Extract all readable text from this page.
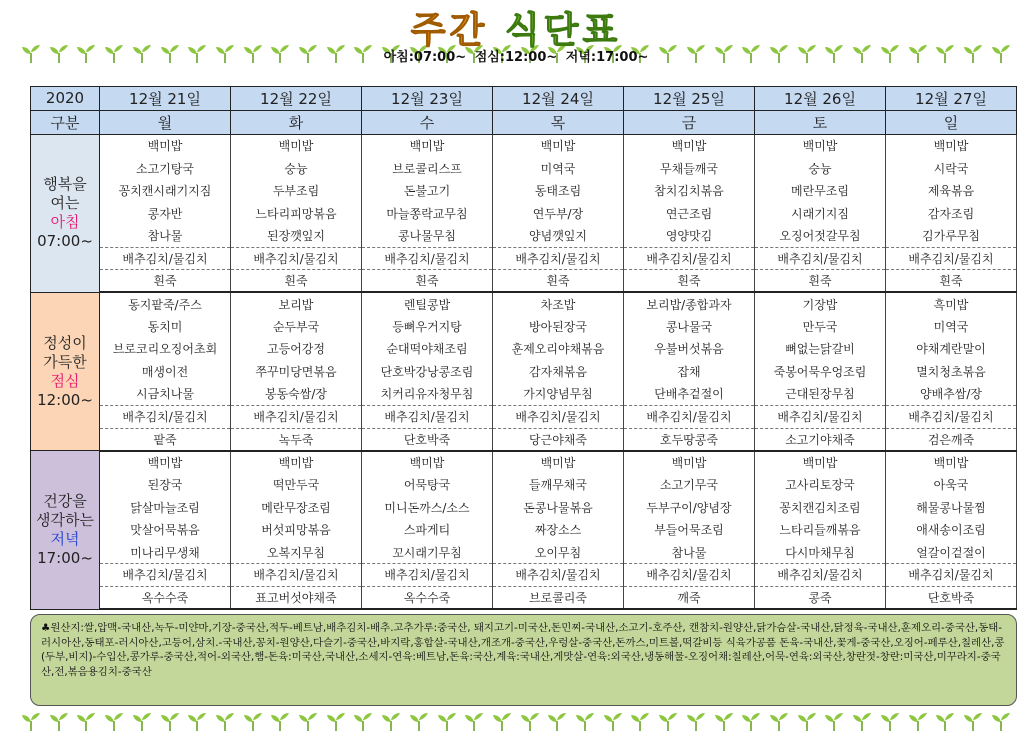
주간 식단표
아침:07:00~ 점심:12:00~ 저녁:17:00~
2020	12월 21일	12월 22일	12월 23일	12월 24일	12월 25일	12월 26일	12월 27일
구분	월	화	수	목	금	토	일

행복을
여는
아침
07:00~	백미밥	백미밥	백미밥	백미밥	백미밥	백미밥	백미밥
	소고기탕국	숭늉	브로콜리스프	미역국	무채들깨국	숭늉	시락국
	꽁치캔시래기지짐	두부조림	돈불고기	동태조림	참치김치볶음	메란무조림	제육볶음
	콩자반	느타리피망볶음	마늘쫑락교무침	연두부/장	연근조림	시래기지짐	감자조림
	참나물	된장깻잎지	콩나물무침	양념깻잎지	영양맛김	오징어젓갈무침	김가루무침
	배추김치/물김치	배추김치/물김치	배추김치/물김치	배추김치/물김치	배추김치/물김치	배추김치/물김치	배추김치/물김치
	흰죽	흰죽	흰죽	흰죽	흰죽	흰죽	흰죽

정성이
가득한
점심
12:00~	동지팥죽/주스	보리밥	렌틸콩밥	차조밥	보리밥/종합과자	기장밥	흑미밥
	동치미	순두부국	등뼈우거지탕	방아된장국	콩나물국	만두국	미역국
	브로코리오징어초회	고등어강정	순대떡야채조림	훈제오리야채볶음	우불버섯볶음	뼈없는닭갈비	야채계란말이
	매생이전	쭈꾸미당면볶음	단호박강낭콩조림	감자채볶음	잡채	죽봉어묵우엉조림	멸치청초볶음
	시금치나물	봉동숙쌈/장	치커리유자청무침	가지양념무침	단배추겉절이	근대된장무침	양배추쌈/장
	배추김치/물김치	배추김치/물김치	배추김치/물김치	배추김치/물김치	배추김치/물김치	배추김치/물김치	배추김치/물김치
	팥죽	녹두죽	단호박죽	당근야채죽	호두땅콩죽	소고기야채죽	검은깨죽

건강을
생각하는
저녁
17:00~	백미밥	백미밥	백미밥	백미밥	백미밥	백미밥	백미밥
	된장국	떡만두국	어묵탕국	들깨무채국	소고기무국	고사리토장국	아욱국
	닭살마늘조림	메란무장조림	미니돈까스/소스	돈콩나물볶음	두부구이/양념장	꽁치캔김치조림	해물콩나물찜
	맛살어묵볶음	버섯피망볶음	스파게티	짜장소스	부들어묵조림	느타리들깨볶음	애새송이조림
	미나리무생채	오복지무침	꼬시래기무침	오이무침	참나물	다시마채무침	얼갈이겉절이
	배추김치/물김치	배추김치/물김치	배추김치/물김치	배추김치/물김치	배추김치/물김치	배추김치/물김치	배추김치/물김치
	옥수수죽	표고버섯야채죽	옥수수죽	브로콜리죽	깨죽	콩죽	단호박죽
♣원산지:쌀,압맥-국내산,녹두-미얀마,기장-중국산,적두-베트남,배추김치-배추.고추가루:중국산, 돼지고기-미국산,돈민찌-국내산,소고기-호주산, 캔참치-원양산,닭가슴살-국내산,닭정육-국내산,훈제오리-중국산,동태-러시아산,동태포-러시아산,고등어,삼치.-국내산,꽁치-원양산,다슬기-중국산,바지락,홍합살-국내산,개조개-중국산,우렁살-중국산,돈까스,미트볼,떡갈비등 식육가공품 돈육-국내산,꽃게-중국산,오징어-페루산,칠레산,콩(두부,비지)-수입산,콩가루-중국산,적어-외국산,햄-돈육:미국산,국내산,소세지-연육:베트남,돈육:국산,계육:국내산,게맛살-연육:외국산,냉동해물-오징어채:칠레산,어묵-연육:외국산,창란젓-창란:미국산,미꾸라지-중국산,전,볶음용김치-중국산
